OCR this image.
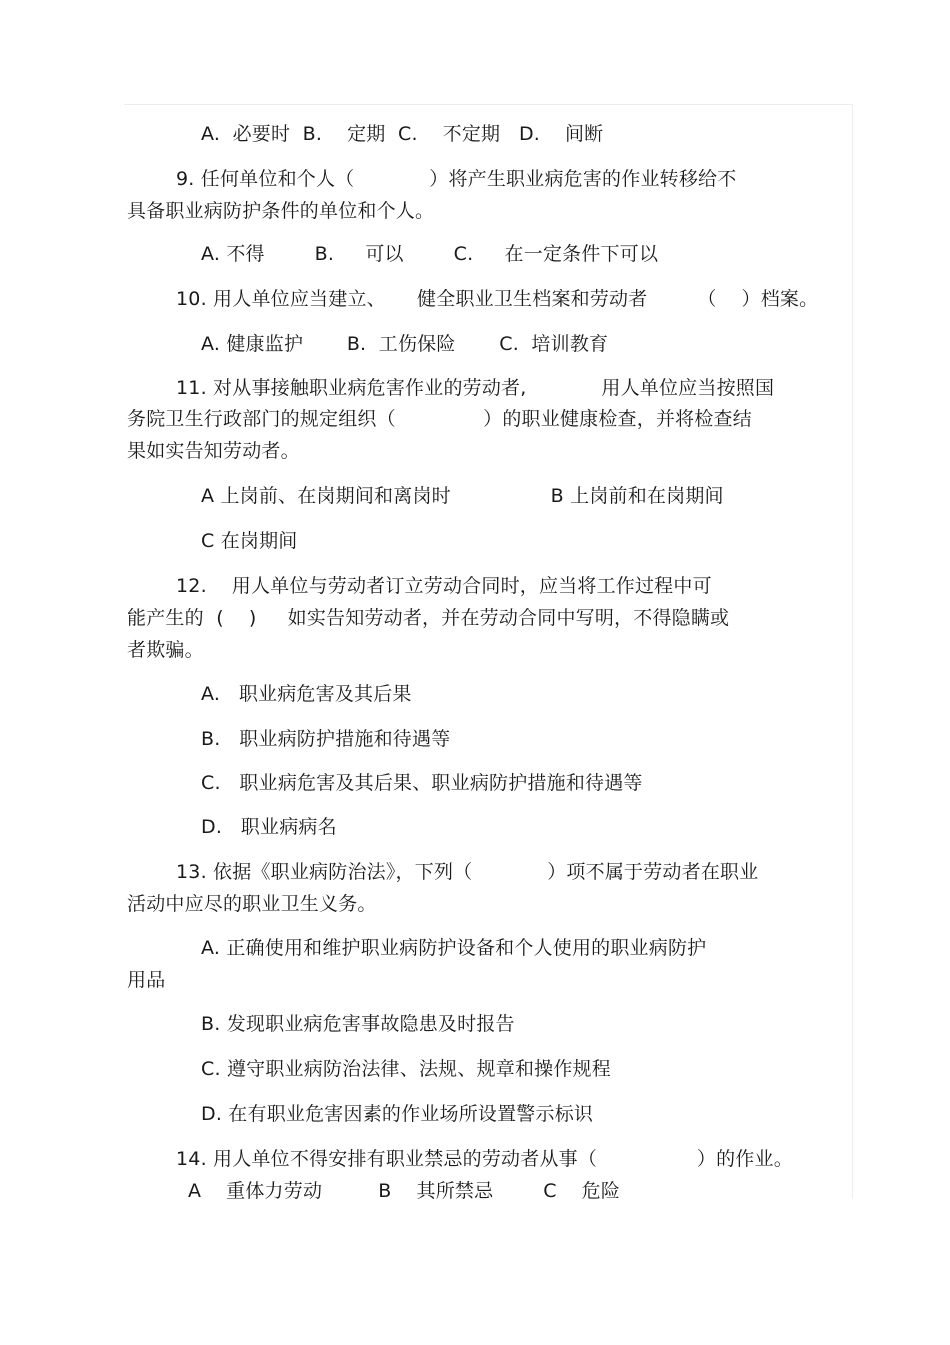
A.  必要时  B.    定期  C.    不定期   D.    间断
9. 任何单位和个人（            ）将产生职业病危害的作业转移给不
具备职业病防护条件的单位和个人。
A. 不得        B.     可以        C.     在一定条件下可以
10. 用人单位应当建立、     健全职业卫生档案和劳动者        （    ）档案。
A. 健康监护       B.  工伤保险       C.  培训教育
11. 对从事接触职业病危害作业的劳动者,            用人单位应当按照国
务院卫生行政部门的规定组织（              ）的职业健康检查，并将检查结
果如实告知劳动者。
A 上岗前、在岗期间和离岗时                B 上岗前和在岗期间
C 在岗期间
12.    用人单位与劳动者订立劳动合同时，应当将工作过程中可
能产生的  (    )     如实告知劳动者，并在劳动合同中写明，不得隐瞒或
者欺骗。
A.   职业病危害及其后果
B.   职业病防护措施和待遇等
C.   职业病危害及其后果、职业病防护措施和待遇等
D.   职业病病名
13. 依据《职业病防治法》，下列（            ）项不属于劳动者在职业
活动中应尽的职业卫生义务。
A. 正确使用和维护职业病防护设备和个人使用的职业病防护
用品
B. 发现职业病危害事故隐患及时报告
C. 遵守职业病防治法律、法规、规章和操作规程
D. 在有职业危害因素的作业场所设置警示标识
14. 用人单位不得安排有职业禁忌的劳动者从事（                ）的作业。
A    重体力劳动         B    其所禁忌        C    危险
